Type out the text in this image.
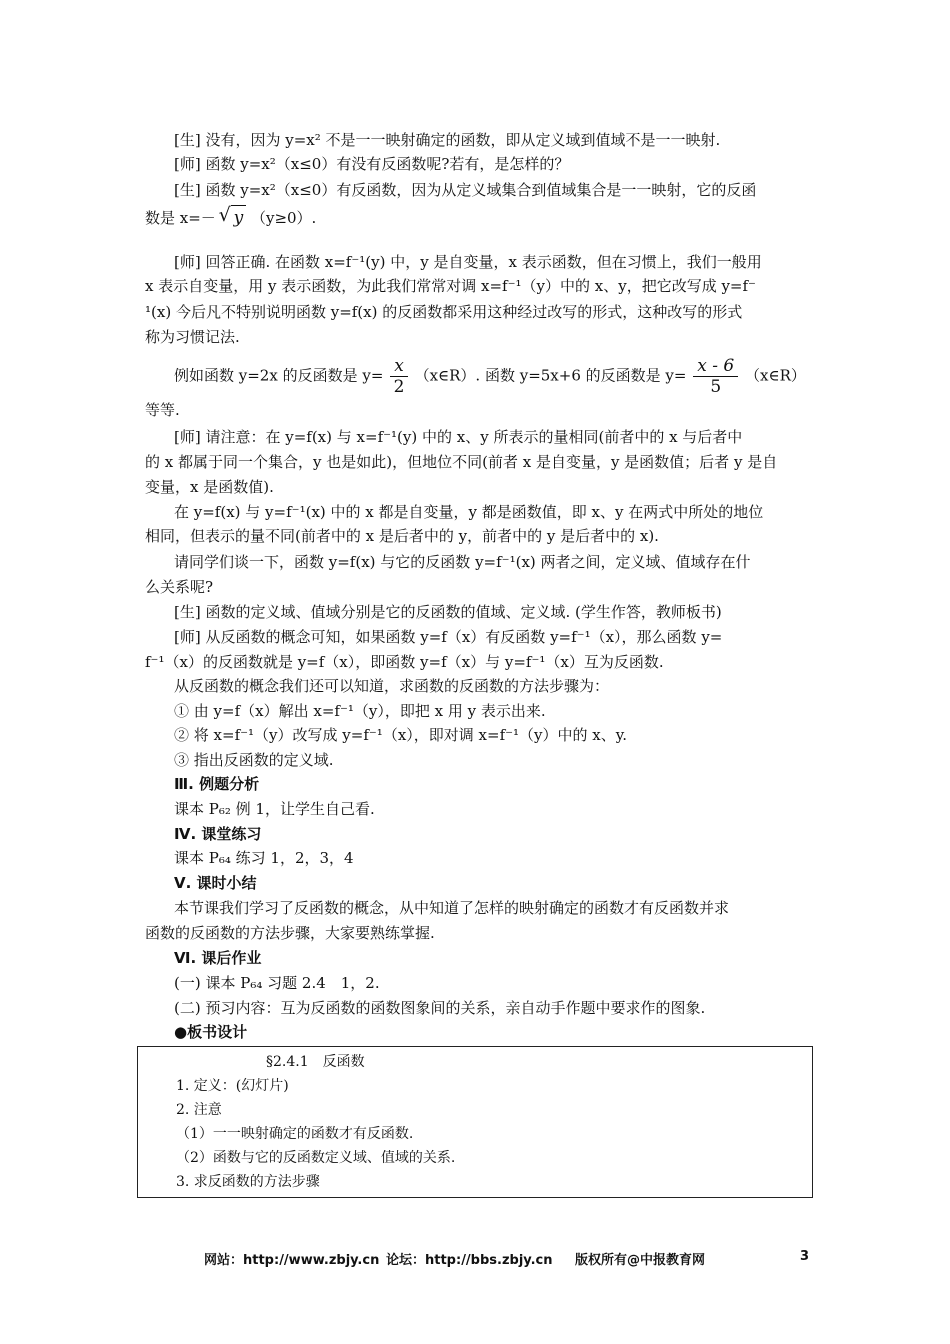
[生] 没有，因为 y=x² 不是一一映射确定的函数，即从定义域到值域不是一一映射.
[师] 函数 y=x²（x≤0）有没有反函数呢?若有，是怎样的？
[生] 函数 y=x²（x≤0）有反函数，因为从定义域集合到值域集合是一一映射，它的反函
数是 x=－ √ y （y≥0）.
[师] 回答正确. 在函数 x=f⁻¹(y) 中，y 是自变量，x 表示函数，但在习惯上，我们一般用
x 表示自变量，用 y 表示函数，为此我们常常对调 x=f⁻¹（y）中的 x、y，把它改写成 y=f⁻
¹(x) 今后凡不特别说明函数 y=f(x) 的反函数都采用这种经过改写的形式，这种改写的形式
称为习惯记法.
例如函数 y=2x 的反函数是 $y= \frac{x}{2}$ （x∈R）. 函数 y=5x+6 的反函数是 $y= \frac{x - 6}{5}$ （x∈R）
等等.
[师] 请注意：在 y=f(x) 与 x=f⁻¹(y) 中的 x、y 所表示的量相同(前者中的 x 与后者中
的 x 都属于同一个集合，y 也是如此)，但地位不同(前者 x 是自变量，y 是函数值；后者 y 是自
变量，x 是函数值).
在 y=f(x) 与 y=f⁻¹(x) 中的 x 都是自变量，y 都是函数值，即 x、y 在两式中所处的地位
相同，但表示的量不同(前者中的 x 是后者中的 y，前者中的 y 是后者中的 x).
请同学们谈一下，函数 y=f(x) 与它的反函数 y=f⁻¹(x) 两者之间，定义域、值域存在什
么关系呢?
[生] 函数的定义域、值域分别是它的反函数的值域、定义域. (学生作答，教师板书)
[师] 从反函数的概念可知，如果函数 y=f（x）有反函数 y=f⁻¹（x），那么函数 y=
f⁻¹（x）的反函数就是 y=f（x），即函数 y=f（x）与 y=f⁻¹（x）互为反函数.
从反函数的概念我们还可以知道，求函数的反函数的方法步骤为：
① 由 y=f（x）解出 x=f⁻¹（y），即把 x 用 y 表示出来.
② 将 x=f⁻¹（y）改写成 y=f⁻¹（x），即对调 x=f⁻¹（y）中的 x、y.
③ 指出反函数的定义域.
Ⅲ. 例题分析
课本 P₆₂ 例 1，让学生自己看.
Ⅳ. 课堂练习
课本 P₆₄ 练习 1，2，3，4
Ⅴ. 课时小结
本节课我们学习了反函数的概念，从中知道了怎样的映射确定的函数才有反函数并求
函数的反函数的方法步骤，大家要熟练掌握.
Ⅵ. 课后作业
(一) 课本 P₆₄ 习题 2.4　1，2.
(二) 预习内容：互为反函数的函数图象间的关系，亲自动手作题中要求作的图象.
●板书设计
§2.4.1　反函数
1. 定义：(幻灯片)
2. 注意
（1）一一映射确定的函数才有反函数.
（2）函数与它的反函数定义域、值域的关系.
3. 求反函数的方法步骤
网站：http://www.zbjy.cn 论坛：http://bbs.zbjy.cn 版权所有@中报教育网	3
